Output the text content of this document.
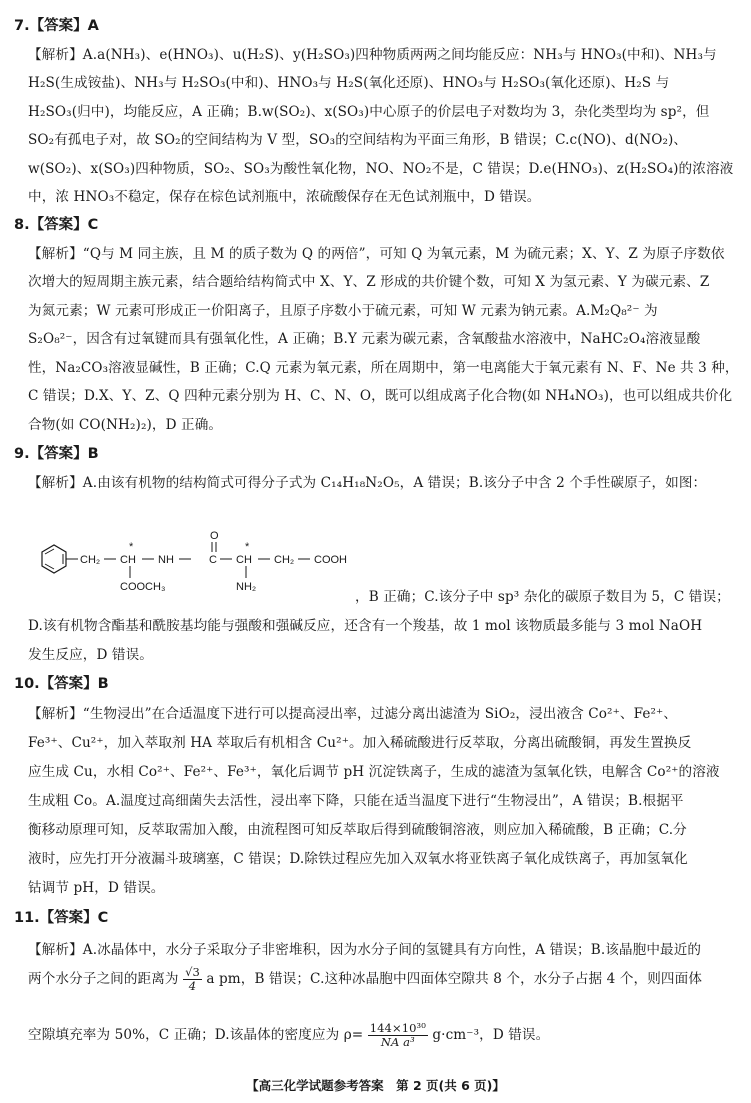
7.【答案】A
【解析】A.a(NH₃)、e(HNO₃)、u(H₂S)、y(H₂SO₃)四种物质两两之间均能反应：NH₃与 HNO₃(中和)、NH₃与
H₂S(生成铵盐)、NH₃与 H₂SO₃(中和)、HNO₃与 H₂S(氧化还原)、HNO₃与 H₂SO₃(氧化还原)、H₂S 与
H₂SO₃(归中)，均能反应，A 正确；B.w(SO₂)、x(SO₃)中心原子的价层电子对数均为 3，杂化类型均为 sp²，但
SO₂有孤电子对，故 SO₂的空间结构为 V 型，SO₃的空间结构为平面三角形，B 错误；C.c(NO)、d(NO₂)、
w(SO₂)、x(SO₃)四种物质，SO₂、SO₃为酸性氧化物，NO、NO₂不是，C 错误；D.e(HNO₃)、z(H₂SO₄)的浓溶液
中，浓 HNO₃不稳定，保存在棕色试剂瓶中，浓硫酸保存在无色试剂瓶中，D 错误。
8.【答案】C
【解析】“Q与 M 同主族，且 M 的质子数为 Q 的两倍”，可知 Q 为氧元素，M 为硫元素；X、Y、Z 为原子序数依
次增大的短周期主族元素，结合题给结构简式中 X、Y、Z 形成的共价键个数，可知 X 为氢元素、Y 为碳元素、Z
为氮元素；W 元素可形成正一价阳离子，且原子序数小于硫元素，可知 W 元素为钠元素。A.M₂Q₈²⁻ 为
S₂O₈²⁻，因含有过氧键而具有强氧化性，A 正确；B.Y 元素为碳元素，含氧酸盐水溶液中，NaHC₂O₄溶液显酸
性，Na₂CO₃溶液显碱性，B 正确；C.Q 元素为氧元素，所在周期中，第一电离能大于氧元素有 N、F、Ne 共 3 种，
C 错误；D.X、Y、Z、Q 四种元素分别为 H、C、N、O，既可以组成离子化合物(如 NH₄NO₃)，也可以组成共价化
合物(如 CO(NH₂)₂)，D 正确。
9.【答案】B
【解析】A.由该有机物的结构简式可得分子式为 C₁₄H₁₈N₂O₅，A 错误；B.该分子中含 2 个手性碳原子，如图：
CH₂
*
CH NH
O
C
*
CH CH₂ COOH
COOCH₃	NH₂
，B 正确；C.该分子中 sp³ 杂化的碳原子数目为 5，C 错误；
D.该有机物含酯基和酰胺基均能与强酸和强碱反应，还含有一个羧基，故 1 mol 该物质最多能与 3 mol NaOH
发生反应，D 错误。
10.【答案】B
【解析】“生物浸出”在合适温度下进行可以提高浸出率，过滤分离出滤渣为 SiO₂，浸出液含 Co²⁺、Fe²⁺、
Fe³⁺、Cu²⁺，加入萃取剂 HA 萃取后有机相含 Cu²⁺。加入稀硫酸进行反萃取，分离出硫酸铜，再发生置换反
应生成 Cu，水相 Co²⁺、Fe²⁺、Fe³⁺，氧化后调节 pH 沉淀铁离子，生成的滤渣为氢氧化铁，电解含 Co²⁺的溶液
生成粗 Co。A.温度过高细菌失去活性，浸出率下降，只能在适当温度下进行“生物浸出”，A 错误；B.根据平
衡移动原理可知，反萃取需加入酸，由流程图可知反萃取后得到硫酸铜溶液，则应加入稀硫酸，B 正确；C.分
液时，应先打开分液漏斗玻璃塞，C 错误；D.除铁过程应先加入双氧水将亚铁离子氧化成铁离子，再加氢氧化
钴调节 pH，D 错误。
11.【答案】C
【解析】A.冰晶体中，水分子采取分子非密堆积，因为水分子间的氢键具有方向性，A 错误；B.该晶胞中最近的
两个水分子之间的距离为 $\frac{√3}{4}$ a pm，B 错误；C.这种冰晶胞中四面体空隙共 8 个，水分子占据 4 个，则四面体
空隙填充率为 50%，C 正确；D.该晶体的密度应为 $\rho= \frac{\text{144×10³⁰}}{\text{NA a³}} g\cdot cm^{-3}$，D 错误。
【高三化学试题参考答案　第 2 页(共 6 页)】
